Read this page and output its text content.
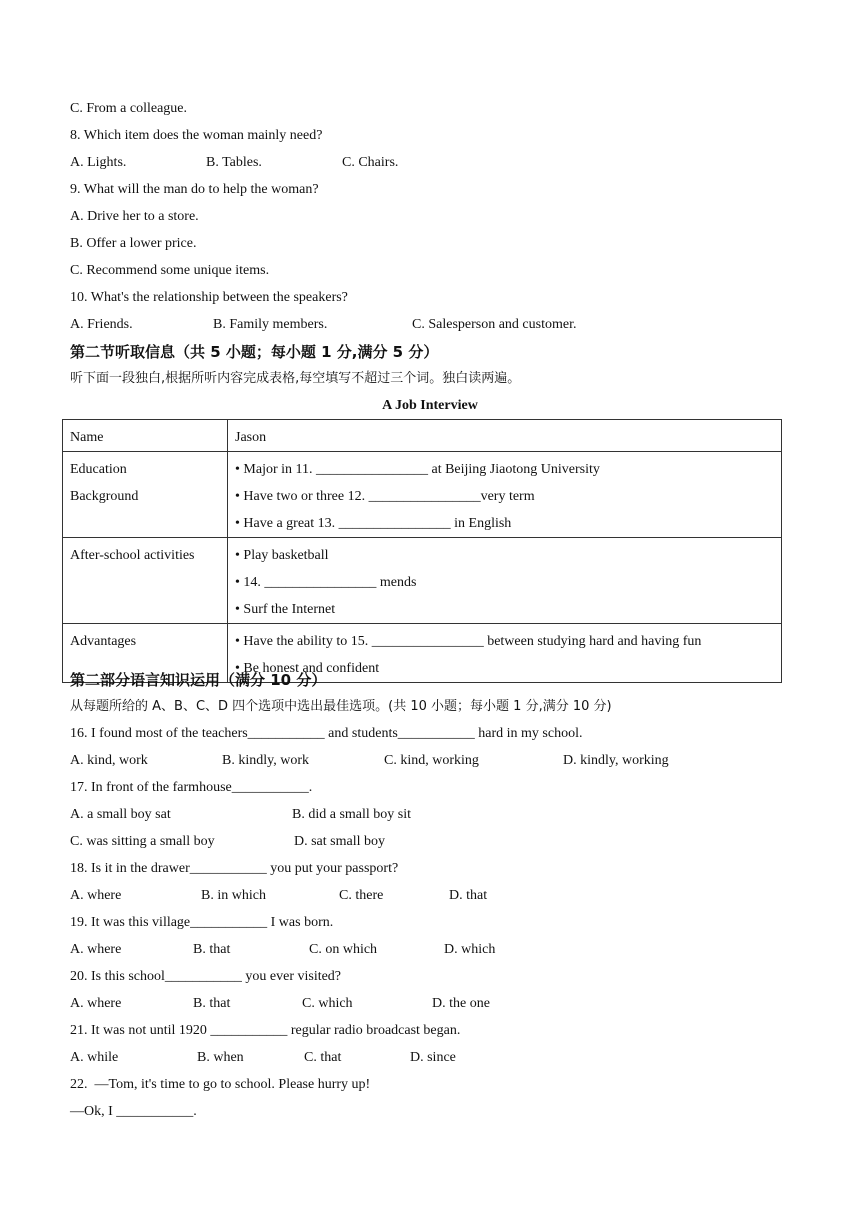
C. From a colleague.
8. Which item does the woman mainly need?
A. Lights.	B. Tables.	C. Chairs.
9. What will the man do to help the woman?
A. Drive her to a store.
B. Offer a lower price.
C. Recommend some unique items.
10. What's the relationship between the speakers?
A. Friends.	B. Family members.	C. Salesperson and customer.
第二节听取信息（共 5 小题；每小题 1 分,满分 5 分）
听下面一段独白,根据所听内容完成表格,每空填写不超过三个词。独白读两遍。
A Job Interview
Name	Jason

Education
Background	• Major in 11. ________________ at Beijing Jiaotong University
• Have two or three 12. ________________very term
• Have a great 13. ________________ in English

After-school activities	• Play basketball
• 14. ________________ mends
• Surf the Internet

Advantages	• Have the ability to 15. ________________ between studying hard and having fun
• Be honest and confident
第二部分语言知识运用（满分 10 分）
从每题所给的 A、B、C、D 四个选项中选出最佳选项。(共 10 小题；每小题 1 分,满分 10 分)
16. I found most of the teachers___________ and students___________ hard in my school.
A. kind, work	B. kindly, work	C. kind, working	D. kindly, working
17. In front of the farmhouse___________.
A. a small boy sat	B. did a small boy sit
C. was sitting a small boy	D. sat small boy
18. Is it in the drawer___________ you put your passport?
A. where	B. in which	C. there	D. that
19. It was this village___________ I was born.
A. where	B. that	C. on which	D. which
20. Is this school___________ you ever visited?
A. where	B. that	C. which	D. the one
21. It was not until 1920 ___________ regular radio broadcast began.
A. while	B. when	C. that	D. since
22.  —Tom, it's time to go to school. Please hurry up!
—Ok, I ___________.
